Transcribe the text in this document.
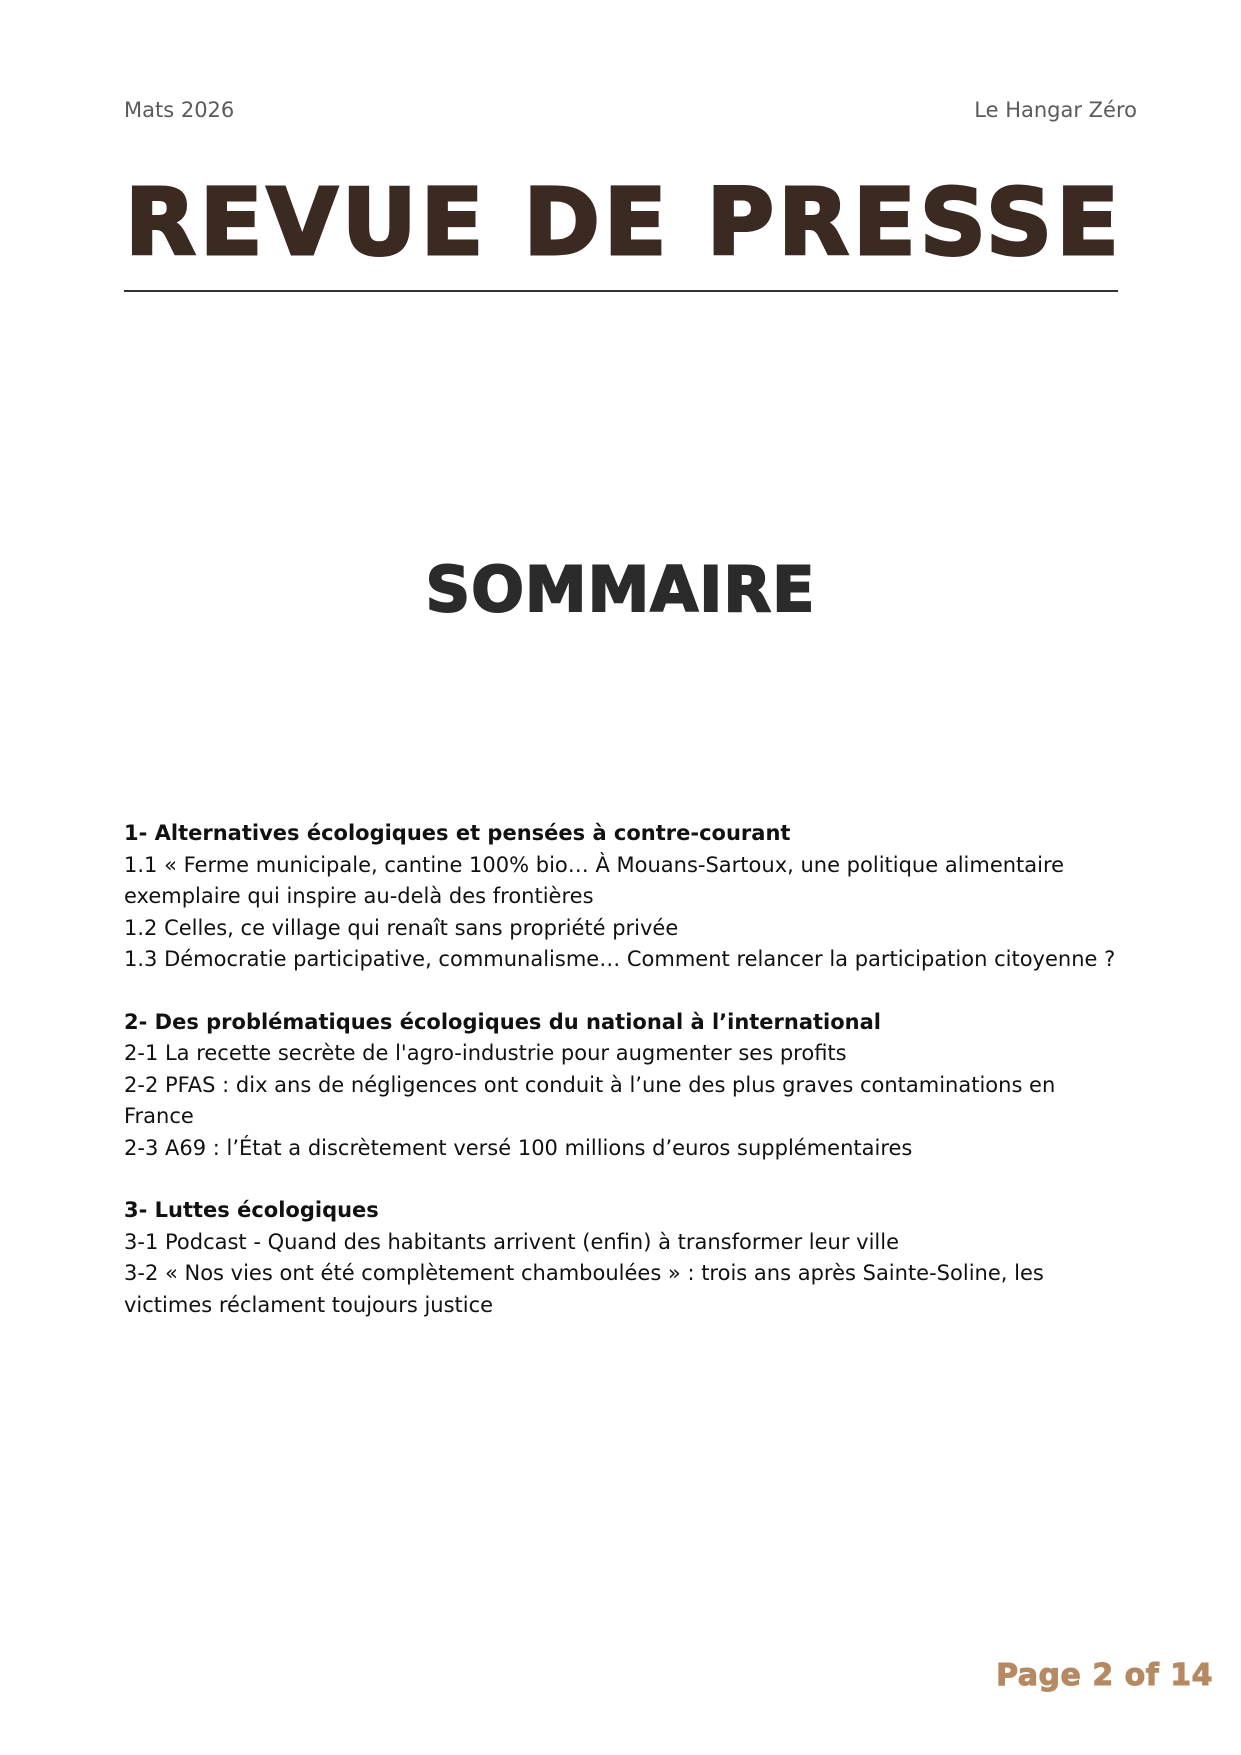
Mats 2026	Le Hangar Zéro
REVUE DE PRESSE
SOMMAIRE
1- Alternatives écologiques et pensées à contre-courant
1.1 « Ferme municipale, cantine 100% bio… À Mouans-Sartoux, une politique alimentaire exemplaire qui inspire au-delà des frontières
1.2 Celles, ce village qui renaît sans propriété privée
1.3 Démocratie participative, communalisme… Comment relancer la participation citoyenne ?
2- Des problématiques écologiques du national à l’international
2-1 La recette secrète de l'agro-industrie pour augmenter ses profits
2-2 PFAS : dix ans de négligences ont conduit à l’une des plus graves contaminations en France
2-3 A69 : l’État a discrètement versé 100 millions d’euros supplémentaires
3- Luttes écologiques
3-1 Podcast - Quand des habitants arrivent (enfin) à transformer leur ville
3-2 « Nos vies ont été complètement chamboulées » : trois ans après Sainte-Soline, les victimes réclament toujours justice
Page 2 of 14
